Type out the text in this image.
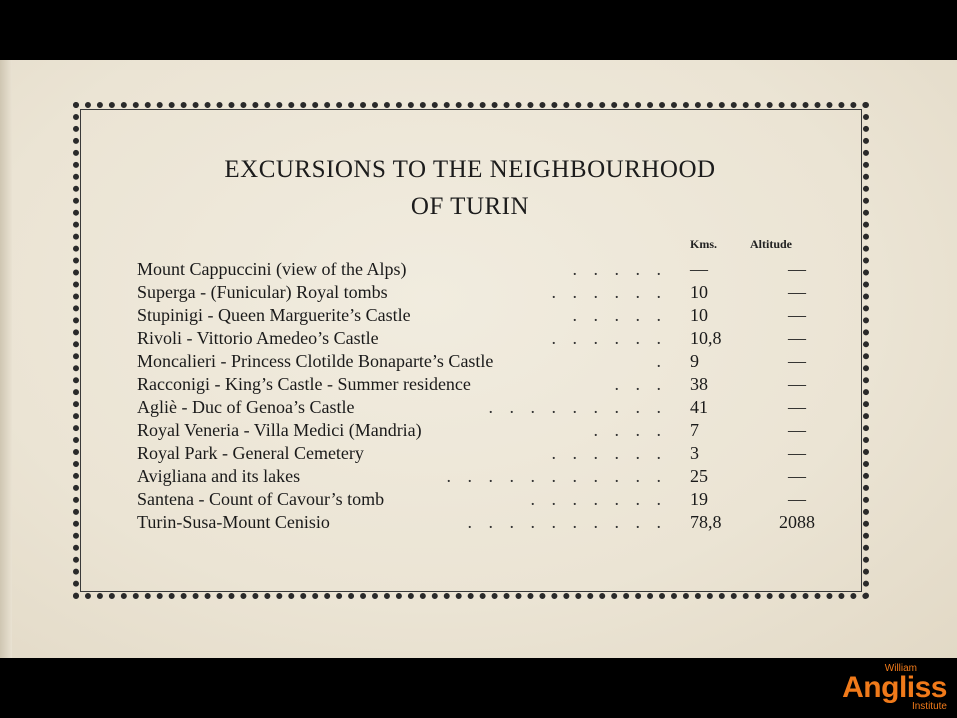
EXCURSIONS TO THE NEIGHBOURHOOD
OF TURIN
Kms.	Altitude
Mount Cappuccini (view of the Alps)	. . . . . —	—
Superga - (Funicular) Royal tombs	. . . . . . 10	—
Stupinigi - Queen Marguerite’s Castle	. . . . . 10	—
Rivoli - Vittorio Amedeo’s Castle	. . . . . . 10,8	—
Moncalieri - Princess Clotilde Bonaparte’s Castle	. 9	—
Racconigi - King’s Castle - Summer residence	. . . 38	—
Agliè - Duc of Genoa’s Castle	. . . . . . . . . 41	—
Royal Veneria - Villa Medici (Mandria)	. . . . 7	—
Royal Park - General Cemetery	. . . . . . 3	—
Avigliana and its lakes	. . . . . . . . . . . 25	—
Santena - Count of Cavour’s tomb	. . . . . . . 19	—
Turin-Susa-Mount Cenisio	. . . . . . . . . . 78,8	2088
William
Angliss
Institute
